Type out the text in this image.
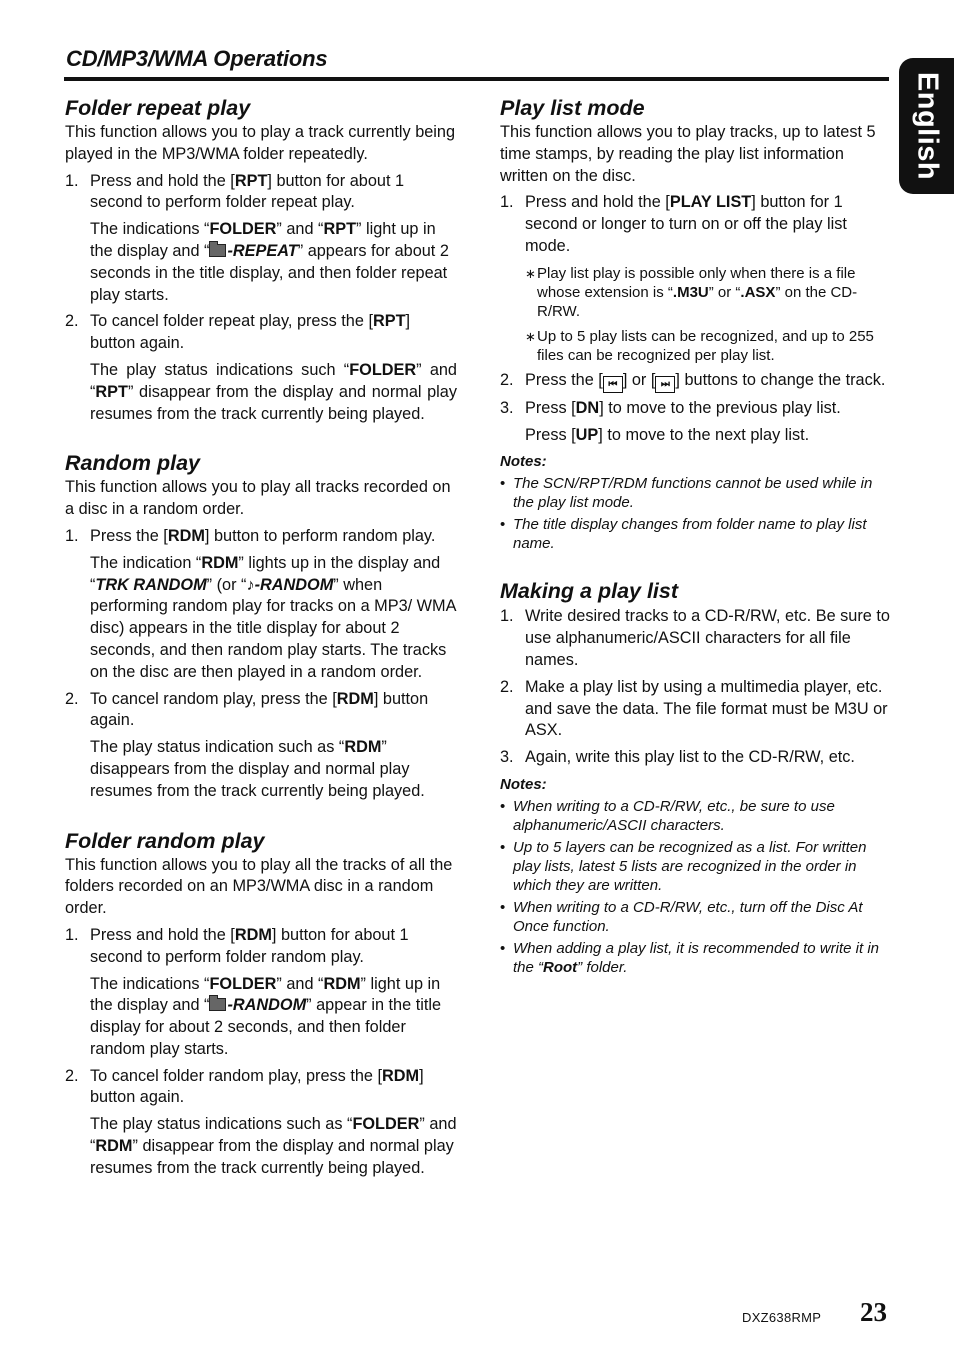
CD/MP3/WMA Operations
English
Folder repeat play

This function allows you to play a track currently being played in the MP3/WMA folder repeatedly.

1. Press and hold the [RPT] button for about 1 second to perform folder repeat play.
The indications “FOLDER” and “RPT” light up in the display and “ -REPEAT” appears for about 2 seconds in the title display, and then folder repeat play starts.
2. To cancel folder repeat play, press the [RPT] button again.
The play status indications such “FOLDER” and “RPT” disappear from the display and normal play resumes from the track currently being played.
Random play

This function allows you to play all tracks recorded on a disc in a random order.

1. Press the [RDM] button to perform random play.
The indication “RDM” lights up in the display and “TRK RANDOM” (or “♪-RANDOM” when performing random play for tracks on a MP3/ WMA disc) appears in the title display for about 2 seconds, and then random play starts. The tracks on the disc are then played in a random order.
2. To cancel random play, press the [RDM] button again.
The play status indication such as “RDM” disappears from the display and normal play resumes from the track currently being played.
Folder random play

This function allows you to play all the tracks of all the folders recorded on an MP3/WMA disc in a random order.

1. Press and hold the [RDM] button for about 1 second to perform folder random play.
The indications “FOLDER” and “RDM” light up in the display and “ -RANDOM” appear in the title display for about 2 seconds, and then folder random play starts.
2. To cancel folder random play, press the [RDM] button again.
The play status indications such as “FOLDER” and “RDM” disappear from the display and normal play resumes from the track currently being played.
Play list mode

This function allows you to play tracks, up to latest 5 time stamps, by reading the play list information written on the disc.

1. Press and hold the [PLAY LIST] button for 1 second or longer to turn on or off the play list mode.
∗ Play list play is possible only when there is a file whose extension is “.M3U” or “.ASX” on the CD-R/RW.
∗ Up to 5 play lists can be recognized, and up to 255 files can be recognized per play list.
2. Press the [ ⏮ ] or [ ⏭ ] buttons to change the track.
3. Press [DN] to move to the previous play list.
Press [UP] to move to the next play list.
Notes:
• The SCN/RPT/RDM functions cannot be used while in the play list mode.
• The title display changes from folder name to play list name.
Making a play list
1. Write desired tracks to a CD-R/RW, etc. Be sure to use alphanumeric/ASCII characters for all file names.
2. Make a play list by using a multimedia player, etc. and save the data. The file format must be M3U or ASX.
3. Again, write this play list to the CD-R/RW, etc.
Notes:
• When writing to a CD-R/RW, etc., be sure to use alphanumeric/ASCII characters.
• Up to 5 layers can be recognized as a list. For written play lists, latest 5 lists are recognized in the order in which they are written.
• When writing to a CD-R/RW, etc., turn off the Disc At Once function.
• When adding a play list, it is recommended to write it in the “Root” folder.
DXZ638RMP 23
